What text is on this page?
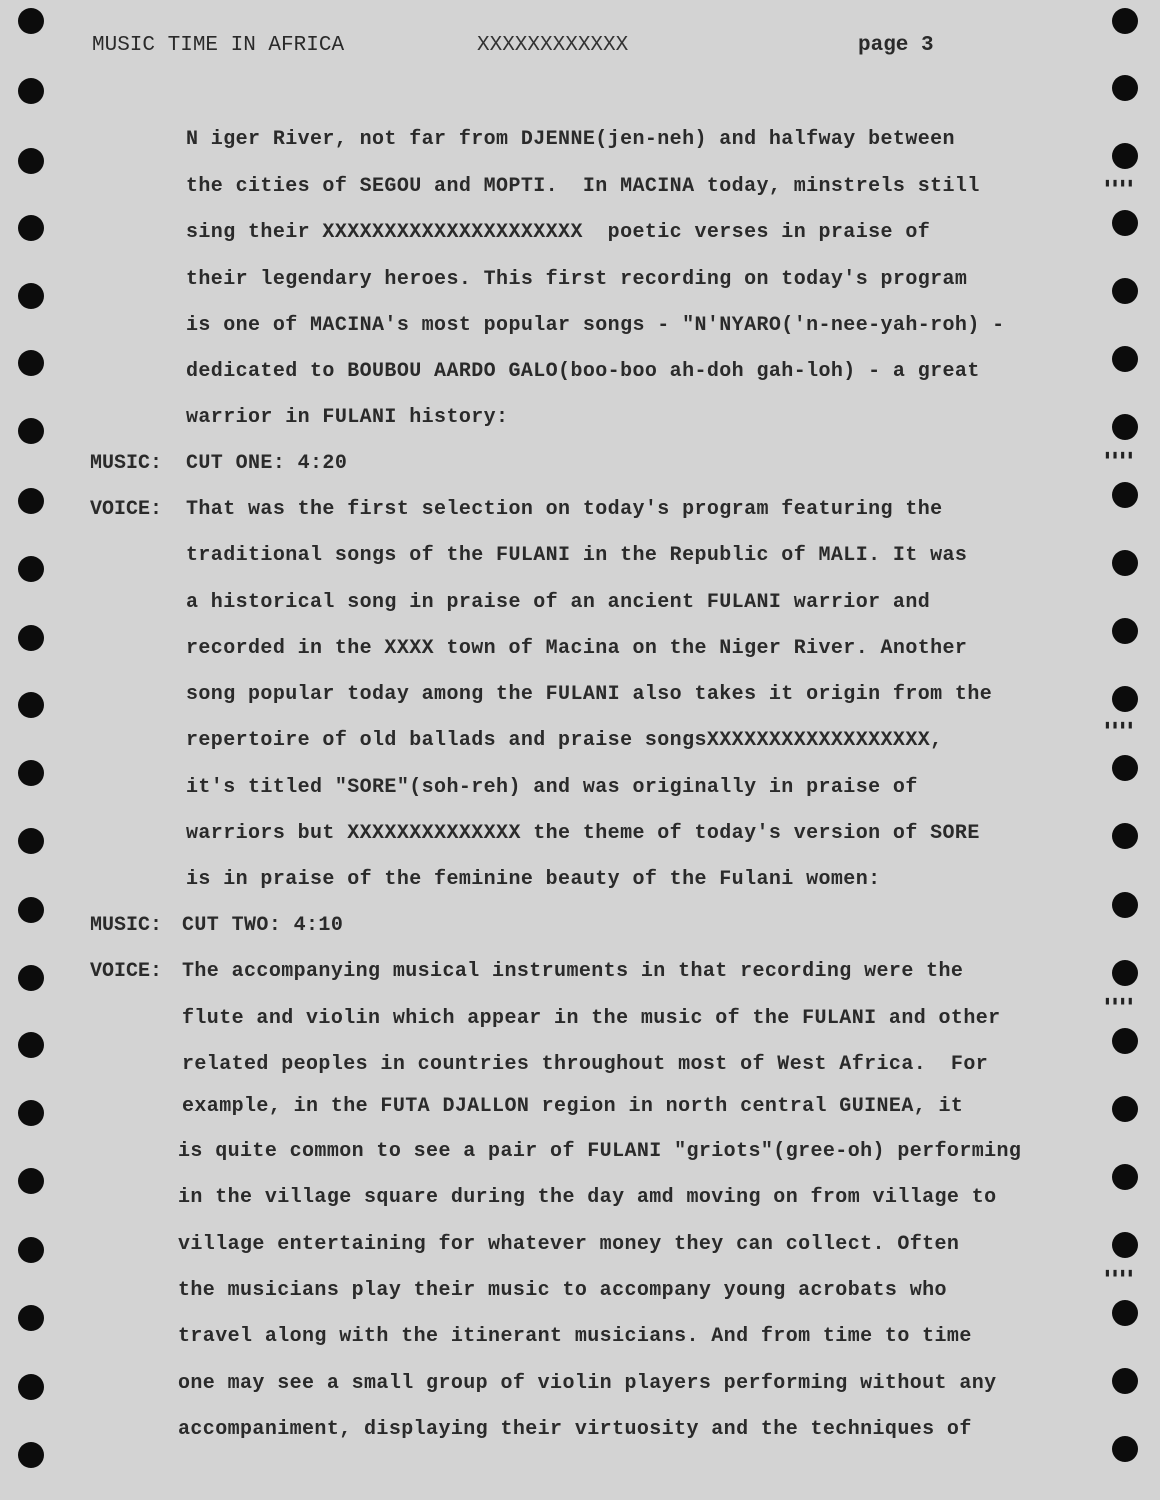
▮▮▮▮
▮▮▮▮
▮▮▮▮
▮▮▮▮
▮▮▮▮
MUSIC TIME IN AFRICA	XXXXXXXXXXXX	page 3
N iger River, not far from DJENNE(jen-neh) and halfway between
the cities of SEGOU and MOPTI.  In MACINA today, minstrels still
sing their XXXXXXXXXXXXXXXXXXXXX  poetic verses in praise of
their legendary heroes. This first recording on today's program
is one of MACINA's most popular songs - "N'NYARO('n-nee-yah-roh) -
dedicated to BOUBOU AARDO GALO(boo-boo ah-doh gah-loh) - a great
warrior in FULANI history:
MUSIC: CUT ONE: 4:20
VOICE: That was the first selection on today's program featuring the
traditional songs of the FULANI in the Republic of MALI. It was
a historical song in praise of an ancient FULANI warrior and
recorded in the XXXX town of Macina on the Niger River. Another
song popular today among the FULANI also takes it origin from the
repertoire of old ballads and praise songsXXXXXXXXXXXXXXXXXX,
it's titled "SORE"(soh-reh) and was originally in praise of
warriors but XXXXXXXXXXXXXX the theme of today's version of SORE
is in praise of the feminine beauty of the Fulani women:
MUSIC: CUT TWO: 4:10
VOICE: The accompanying musical instruments in that recording were the
flute and violin which appear in the music of the FULANI and other
related peoples in countries throughout most of West Africa.  For
example, in the FUTA DJALLON region in north central GUINEA, it
is quite common to see a pair of FULANI "griots"(gree-oh) performing
in the village square during the day amd moving on from village to
village entertaining for whatever money they can collect. Often
the musicians play their music to accompany young acrobats who
travel along with the itinerant musicians. And from time to time
one may see a small group of violin players performing without any
accompaniment, displaying their virtuosity and the techniques of
